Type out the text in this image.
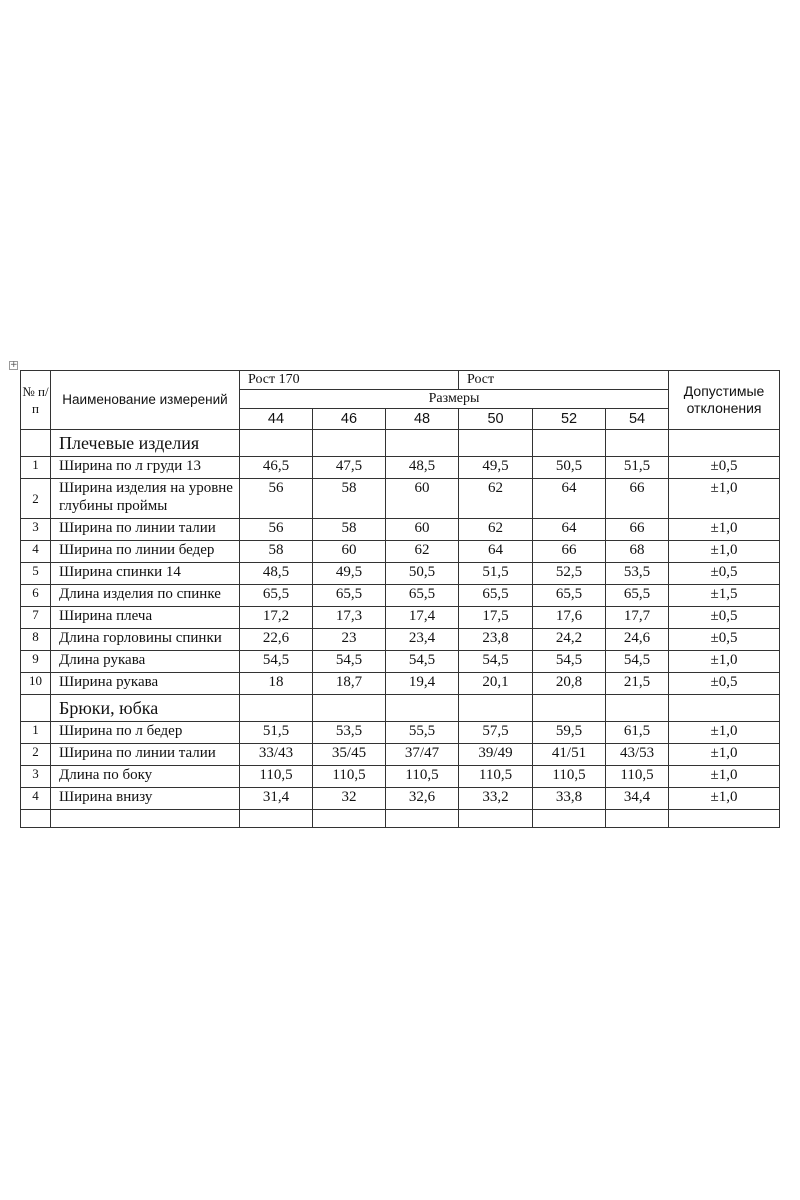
+
№ п/ п	Наименование измерений	Рост 170			Рост			Допустимые отклонения
		Размеры						
		44	46	48	50	52	54	
	Плечевые изделия							
1	Ширина по л груди 13	46,5	47,5	48,5	49,5	50,5	51,5	±0,5
2	Ширина изделия на уровне глубины проймы	56	58	60	62	64	66	±1,0
3	Ширина по линии талии	56	58	60	62	64	66	±1,0
4	Ширина по линии бедер	58	60	62	64	66	68	±1,0
5	Ширина спинки 14	48,5	49,5	50,5	51,5	52,5	53,5	±0,5
6	Длина изделия по спинке	65,5	65,5	65,5	65,5	65,5	65,5	±1,5
7	Ширина плеча	17,2	17,3	17,4	17,5	17,6	17,7	±0,5
8	Длина горловины спинки	22,6	23	23,4	23,8	24,2	24,6	±0,5
9	Длина рукава	54,5	54,5	54,5	54,5	54,5	54,5	±1,0
10	Ширина рукава	18	18,7	19,4	20,1	20,8	21,5	±0,5
	Брюки, юбка							
1	Ширина по л бедер	51,5	53,5	55,5	57,5	59,5	61,5	±1,0
2	Ширина по линии талии	33/43	35/45	37/47	39/49	41/51	43/53	±1,0
3	Длина по боку	110,5	110,5	110,5	110,5	110,5	110,5	±1,0
4	Ширина внизу	31,4	32	32,6	33,2	33,8	34,4	±1,0
